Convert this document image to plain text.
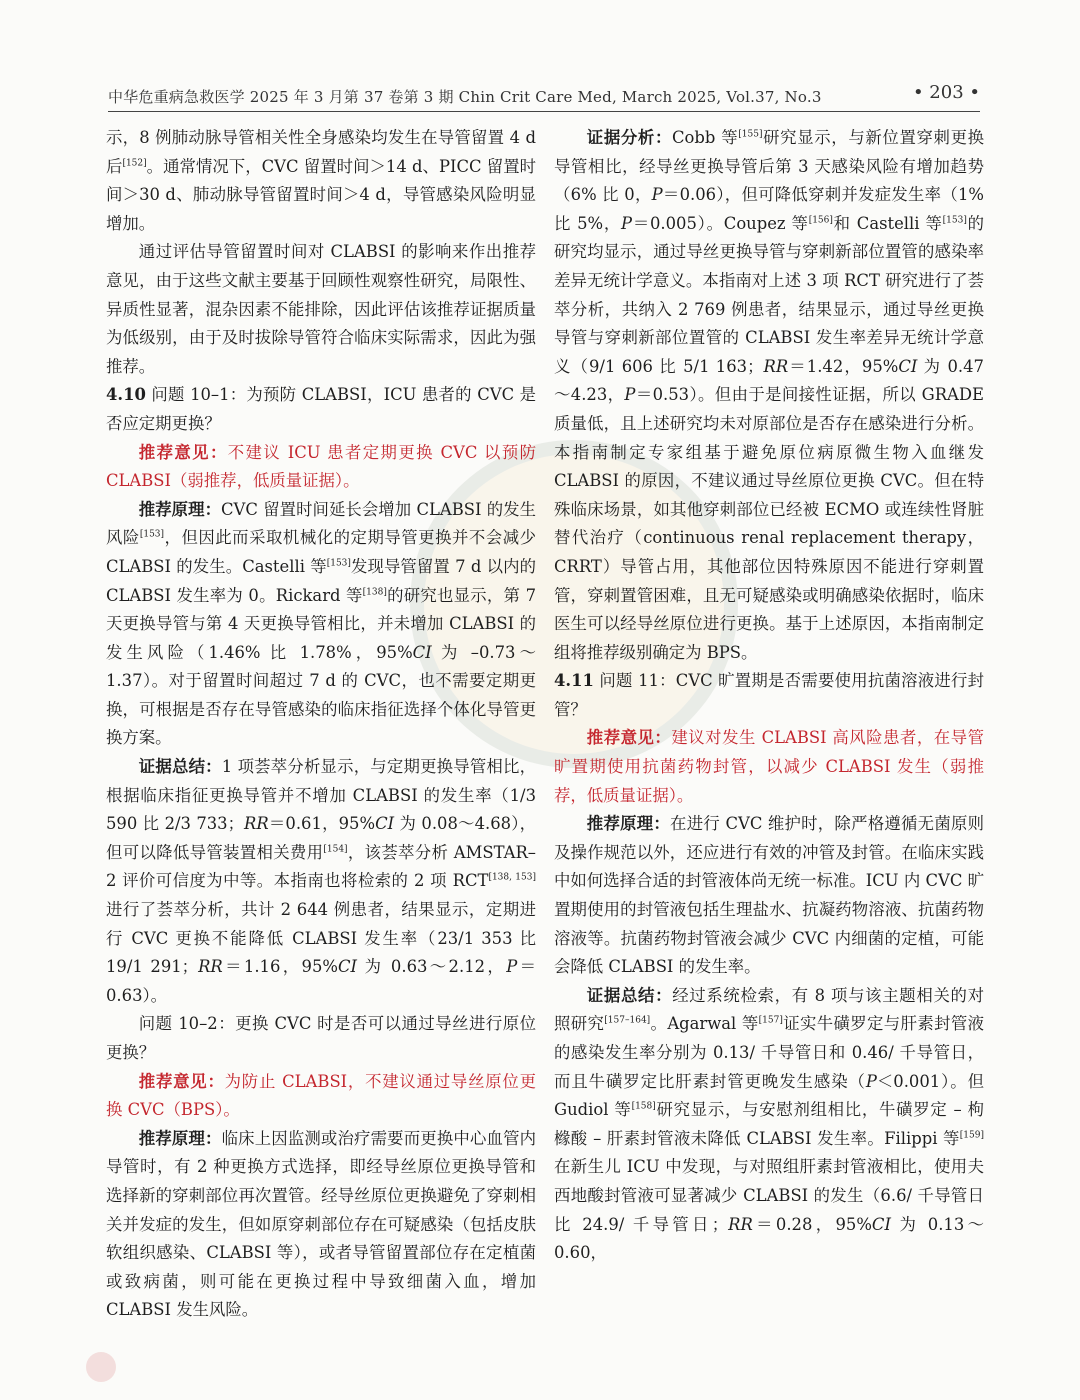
中华危重病急救医学 2025 年 3 月第 37 卷第 3 期 Chin Crit Care Med, March 2025, Vol.37, No.3	• 203 •

示，8 例肺动脉导管相关性全身感染均发生在导管留置 4 d 后[152]。通常情况下，CVC 留置时间＞14 d、PICC 留置时间＞30 d、肺动脉导管留置时间＞4 d，导管感染风险明显增加。

通过评估导管留置时间对 CLABSI 的影响来作出推荐意见，由于这些文献主要基于回顾性观察性研究，局限性、异质性显著，混杂因素不能排除，因此评估该推荐证据质量为低级别，由于及时拔除导管符合临床实际需求，因此为强推荐。

4.10 问题 10–1：为预防 CLABSI，ICU 患者的 CVC 是否应定期更换？

推荐意见：不建议 ICU 患者定期更换 CVC 以预防 CLABSI（弱推荐，低质量证据）。

推荐原理：CVC 留置时间延长会增加 CLABSI 的发生风险[153]，但因此而采取机械化的定期导管更换并不会减少 CLABSI 的发生。Castelli 等[153]发现导管留置 7 d 以内的 CLABSI 发生率为 0。Rickard 等[138]的研究也显示，第 7 天更换导管与第 4 天更换导管相比，并未增加 CLABSI 的发生风险（1.46% 比 1.78%，95%CI 为 –0.73～1.37）。对于留置时间超过 7 d 的 CVC，也不需要定期更换，可根据是否存在导管感染的临床指征选择个体化导管更换方案。

证据总结：1 项荟萃分析显示，与定期更换导管相比，根据临床指征更换导管并不增加 CLABSI 的发生率（1/3 590 比 2/3 733；RR＝0.61，95%CI 为 0.08～4.68），但可以降低导管装置相关费用[154]，该荟萃分析 AMSTAR–2 评价可信度为中等。本指南也将检索的 2 项 RCT[138, 153]进行了荟萃分析，共计 2 644 例患者，结果显示，定期进行 CVC 更换不能降低 CLABSI 发生率（23/1 353 比 19/1 291；RR＝1.16，95%CI 为 0.63～2.12，P＝0.63）。

问题 10–2：更换 CVC 时是否可以通过导丝进行原位更换？

推荐意见：为防止 CLABSI，不建议通过导丝原位更换 CVC（BPS）。

推荐原理：临床上因监测或治疗需要而更换中心血管内导管时，有 2 种更换方式选择，即经导丝原位更换导管和选择新的穿刺部位再次置管。经导丝原位更换避免了穿刺相关并发症的发生，但如原穿刺部位存在可疑感染（包括皮肤软组织感染、CLABSI 等），或者导管留置部位存在定植菌或致病菌，则可能在更换过程中导致细菌入血，增加 CLABSI 发生风险。

证据分析：Cobb 等[155]研究显示，与新位置穿刺更换导管相比，经导丝更换导管后第 3 天感染风险有增加趋势（6% 比 0，P＝0.06），但可降低穿刺并发症发生率（1% 比 5%，P＝0.005）。Coupez 等[156]和 Castelli 等[153]的研究均显示，通过导丝更换导管与穿刺新部位置管的感染率差异无统计学意义。本指南对上述 3 项 RCT 研究进行了荟萃分析，共纳入 2 769 例患者，结果显示，通过导丝更换导管与穿刺新部位置管的 CLABSI 发生率差异无统计学意义（9/1 606 比 5/1 163；RR＝1.42，95%CI 为 0.47～4.23，P＝0.53）。但由于是间接性证据，所以 GRADE 质量低，且上述研究均未对原部位是否存在感染进行分析。本指南制定专家组基于避免原位病原微生物入血继发 CLABSI 的原因，不建议通过导丝原位更换 CVC。但在特殊临床场景，如其他穿刺部位已经被 ECMO 或连续性肾脏替代治疗（continuous renal replacement therapy，CRRT）导管占用，其他部位因特殊原因不能进行穿刺置管，穿刺置管困难，且无可疑感染或明确感染依据时，临床医生可以经导丝原位进行更换。基于上述原因，本指南制定组将推荐级别确定为 BPS。

4.11 问题 11：CVC 旷置期是否需要使用抗菌溶液进行封管？

推荐意见：建议对发生 CLABSI 高风险患者，在导管旷置期使用抗菌药物封管，以减少 CLABSI 发生（弱推荐，低质量证据）。

推荐原理：在进行 CVC 维护时，除严格遵循无菌原则及操作规范以外，还应进行有效的冲管及封管。在临床实践中如何选择合适的封管液体尚无统一标准。ICU 内 CVC 旷置期使用的封管液包括生理盐水、抗凝药物溶液、抗菌药物溶液等。抗菌药物封管液会减少 CVC 内细菌的定植，可能会降低 CLABSI 的发生率。

证据总结：经过系统检索，有 8 项与该主题相关的对照研究[157–164]。Agarwal 等[157]证实牛磺罗定与肝素封管液的感染发生率分别为 0.13/ 千导管日和 0.46/ 千导管日，而且牛磺罗定比肝素封管更晚发生感染（P＜0.001）。但 Gudiol 等[158]研究显示，与安慰剂组相比，牛磺罗定 – 枸橼酸 – 肝素封管液未降低 CLABSI 发生率。Filippi 等[159]在新生儿 ICU 中发现，与对照组肝素封管液相比，使用夫西地酸封管液可显著减少 CLABSI 的发生（6.6/ 千导管日比 24.9/ 千导管日；RR＝0.28，95%CI 为 0.13～0.60，
